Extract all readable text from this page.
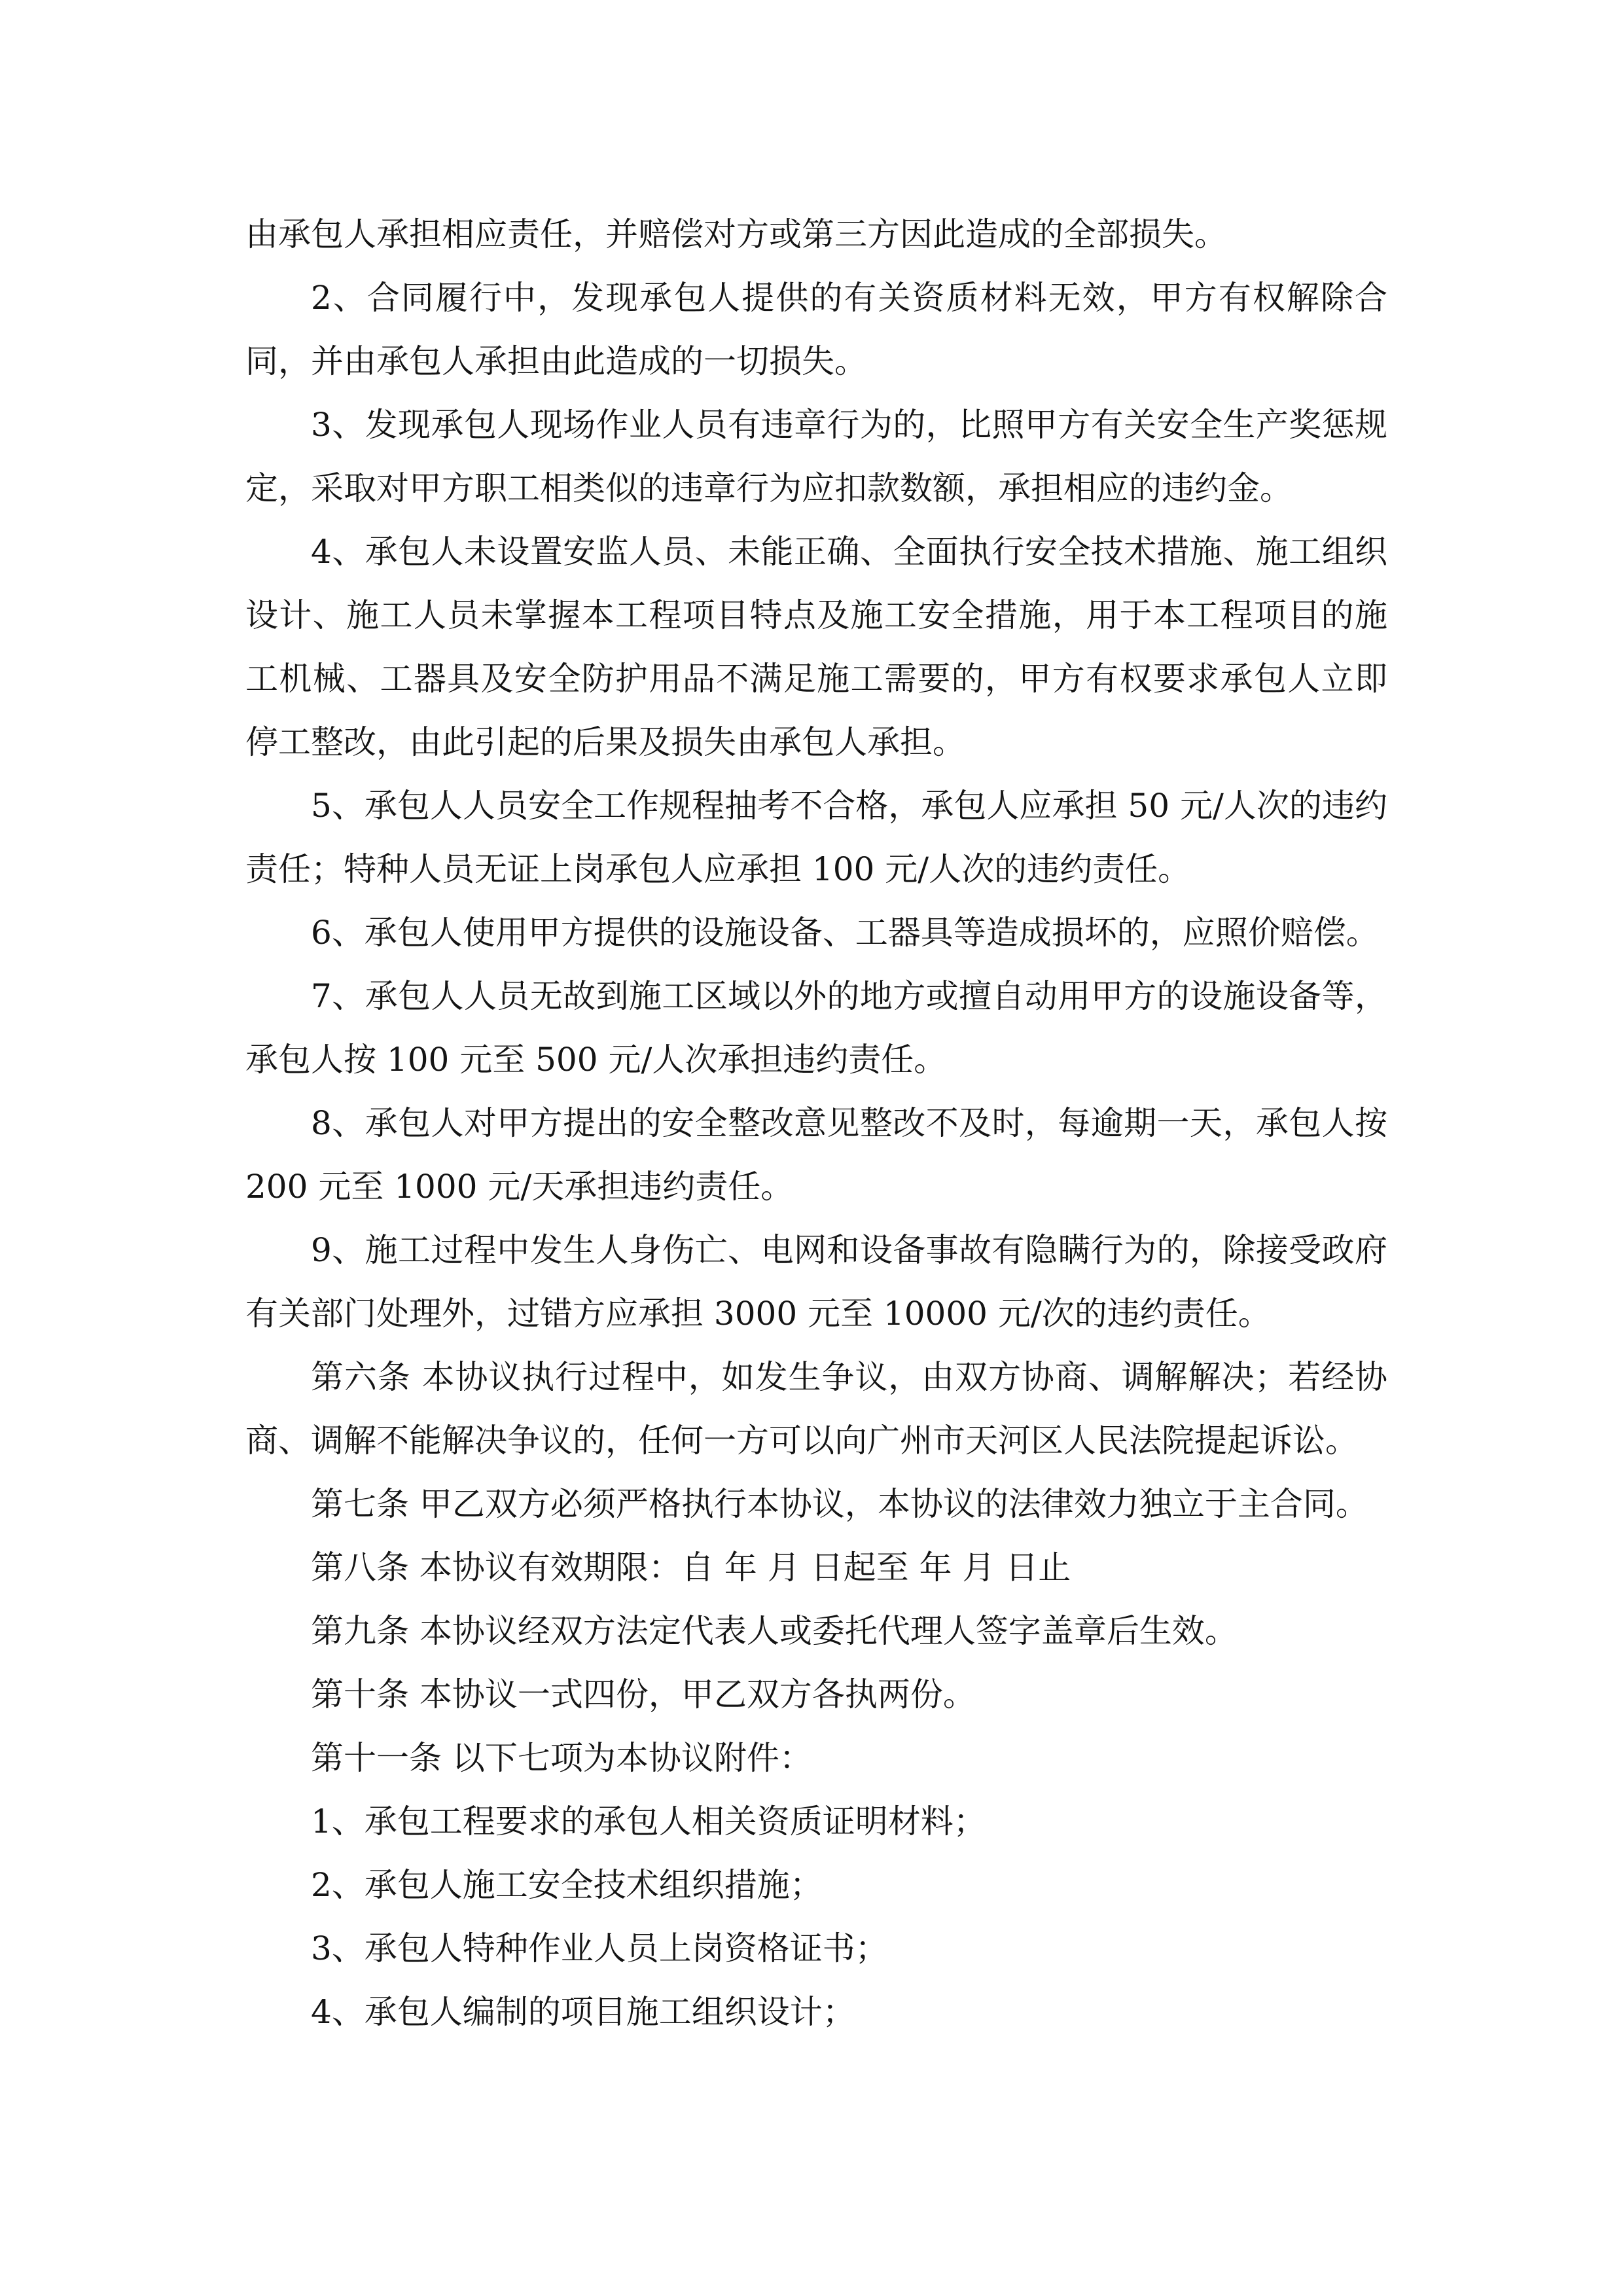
由承包人承担相应责任，并赔偿对方或第三方因此造成的全部损失。

2、合同履行中，发现承包人提供的有关资质材料无效，甲方有权解除合同，并由承包人承担由此造成的一切损失。

3、发现承包人现场作业人员有违章行为的，比照甲方有关安全生产奖惩规定，采取对甲方职工相类似的违章行为应扣款数额，承担相应的违约金。

4、承包人未设置安监人员、未能正确、全面执行安全技术措施、施工组织设计、施工人员未掌握本工程项目特点及施工安全措施，用于本工程项目的施工机械、工器具及安全防护用品不满足施工需要的，甲方有权要求承包人立即停工整改，由此引起的后果及损失由承包人承担。

5、承包人人员安全工作规程抽考不合格，承包人应承担 50 元/人次的违约责任；特种人员无证上岗承包人应承担 100 元/人次的违约责任。

6、承包人使用甲方提供的设施设备、工器具等造成损坏的，应照价赔偿。

7、承包人人员无故到施工区域以外的地方或擅自动用甲方的设施设备等，承包人按 100 元至 500 元/人次承担违约责任。

8、承包人对甲方提出的安全整改意见整改不及时，每逾期一天，承包人按 200 元至 1000 元/天承担违约责任。

9、施工过程中发生人身伤亡、电网和设备事故有隐瞒行为的，除接受政府有关部门处理外，过错方应承担 3000 元至 10000 元/次的违约责任。

第六条 本协议执行过程中，如发生争议，由双方协商、调解解决；若经协商、调解不能解决争议的，任何一方可以向广州市天河区人民法院提起诉讼。

第七条 甲乙双方必须严格执行本协议，本协议的法律效力独立于主合同。

第八条 本协议有效期限：自 年 月 日起至 年 月 日止

第九条 本协议经双方法定代表人或委托代理人签字盖章后生效。

第十条 本协议一式四份，甲乙双方各执两份。

第十一条 以下七项为本协议附件：

1、承包工程要求的承包人相关资质证明材料；

2、承包人施工安全技术组织措施；

3、承包人特种作业人员上岗资格证书；

4、承包人编制的项目施工组织设计；
